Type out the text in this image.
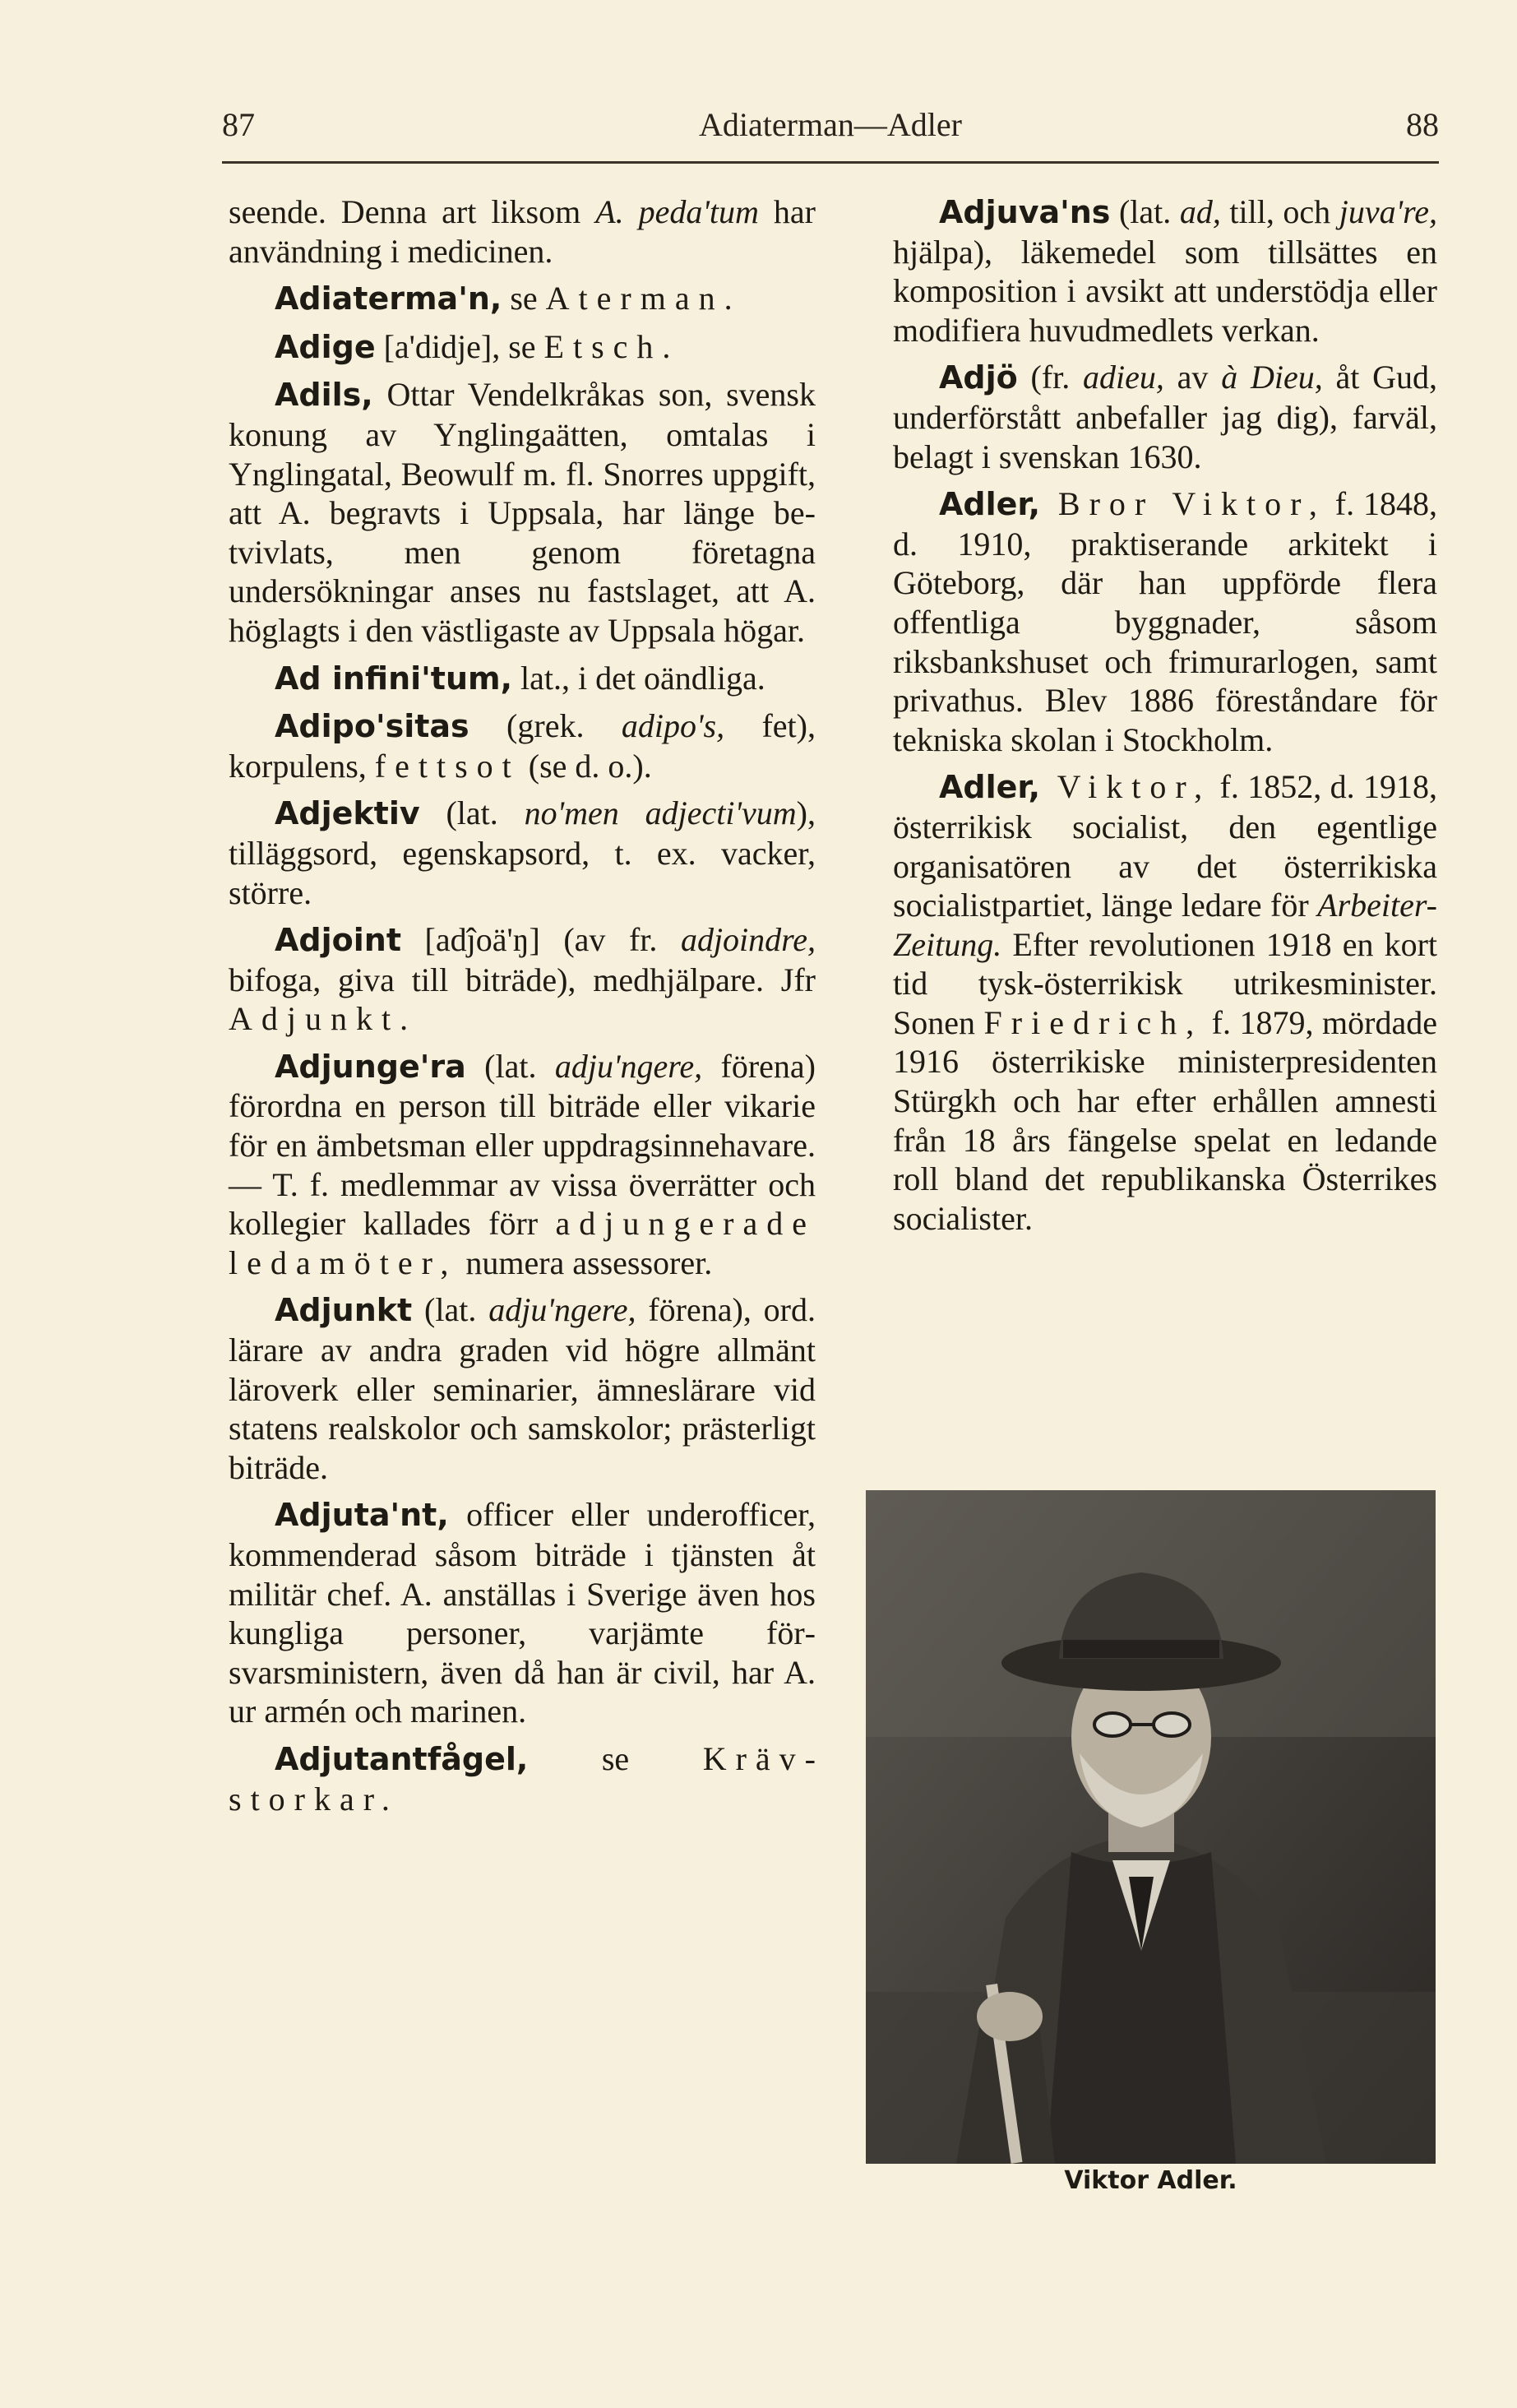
87	Adiaterman—Adler	88

seende. Denna art liksom A. peda'tum har användning i medicinen.

Adiaterma'n, se Aterman.

Adige [a'didje], se Etsch.

Adils, Ottar Vendelkråkas son, svensk konung av Ynglingaätten, omtalas i Ynglingatal, Beowulf m. fl. Snorres uppgift, att A. begravts i Uppsala, har länge betvivlats, men genom företagna undersökningar anses nu fastslaget, att A. höglagts i den västligaste av Uppsala högar.

Ad infini'tum, lat., i det oändliga.

Adipo'sitas (grek. adipo's, fet), korpulens, fettsot (se d. o.).

Adjektiv (lat. no'men adjecti'vum), tilläggsord, egenskapsord, t. ex. vacker, större.

Adjoint [adĵoä'ŋ] (av fr. adjoindre, bifoga, giva till biträde), medhjälpare. Jfr Adjunkt.

Adjunge'ra (lat. adju'ngere, förena) förordna en person till biträde eller vikarie för en ämbetsman eller uppdragsinnehavare. — T. f. medlemmar av vissa överrätter och kollegier kallades förr adjungerade ledamöter, numera assessorer.

Adjunkt (lat. adju'ngere, förena), ord. lärare av andra graden vid högre allmänt läroverk eller seminarier, ämneslärare vid statens realskolor och samskolor; prästerligt biträde.

Adjuta'nt, officer eller underofficer, kommenderad såsom biträde i tjänsten åt militär chef. A. anställas i Sverige även hos kungliga personer, varjämte försvarsministern, även då han är civil, har A. ur armén och marinen.

Adjutantfågel, se Krävstorkar.

Adjuva'ns (lat. ad, till, och juva're, hjälpa), läkemedel som tillsättes en komposition i avsikt att understödja eller modifiera huvudmedlets verkan.

Adjö (fr. adieu, av à Dieu, åt Gud, underförstått anbefaller jag dig), farväl, belagt i svenskan 1630.

Adler, Bror Viktor, f. 1848, d. 1910, praktiserande arkitekt i Göteborg, där han uppförde flera offentliga byggnader, såsom riksbankshuset och frimurarlogen, samt privathus. Blev 1886 föreståndare för tekniska skolan i Stockholm.

Adler, Viktor, f. 1852, d. 1918, österrikisk socialist, den egentlige organisatören av det österrikiska socialistpartiet, länge ledare för Arbeiter-Zeitung. Efter revolutionen 1918 en kort tid tysk-österrikisk utrikesminister. Sonen Friedrich, f. 1879, mördade 1916 österrikiske ministerpresidenten Stürgkh och har efter erhållen amnesti från 18 års fängelse spelat en ledande roll bland det republikanska Österrikes socialister.

Viktor Adler.
